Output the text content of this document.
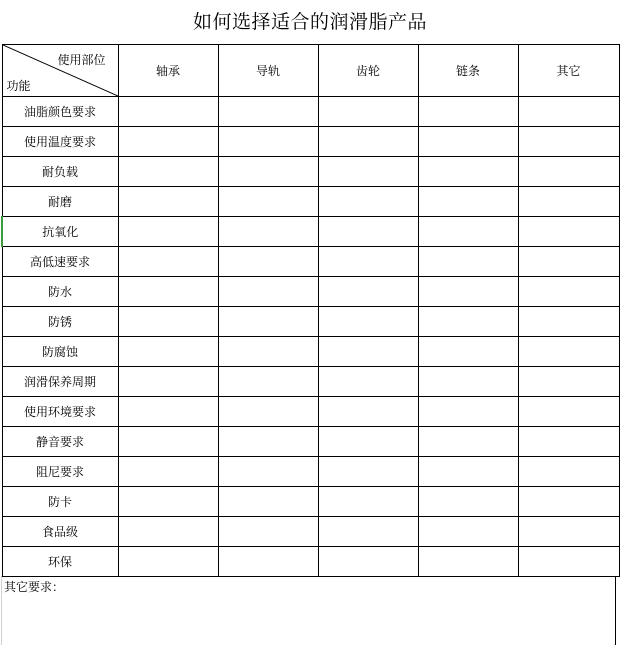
如何选择适合的润滑脂产品
使用部位
功能	轴承	导轨	齿轮	链条	其它
油脂颜色要求					
使用温度要求					
耐负载					
耐磨					
抗氧化					
高低速要求					
防水					
防锈					
防腐蚀					
润滑保养周期					
使用环境要求					
静音要求					
阻尼要求					
防卡					
食品级					
环保					
其它要求：
